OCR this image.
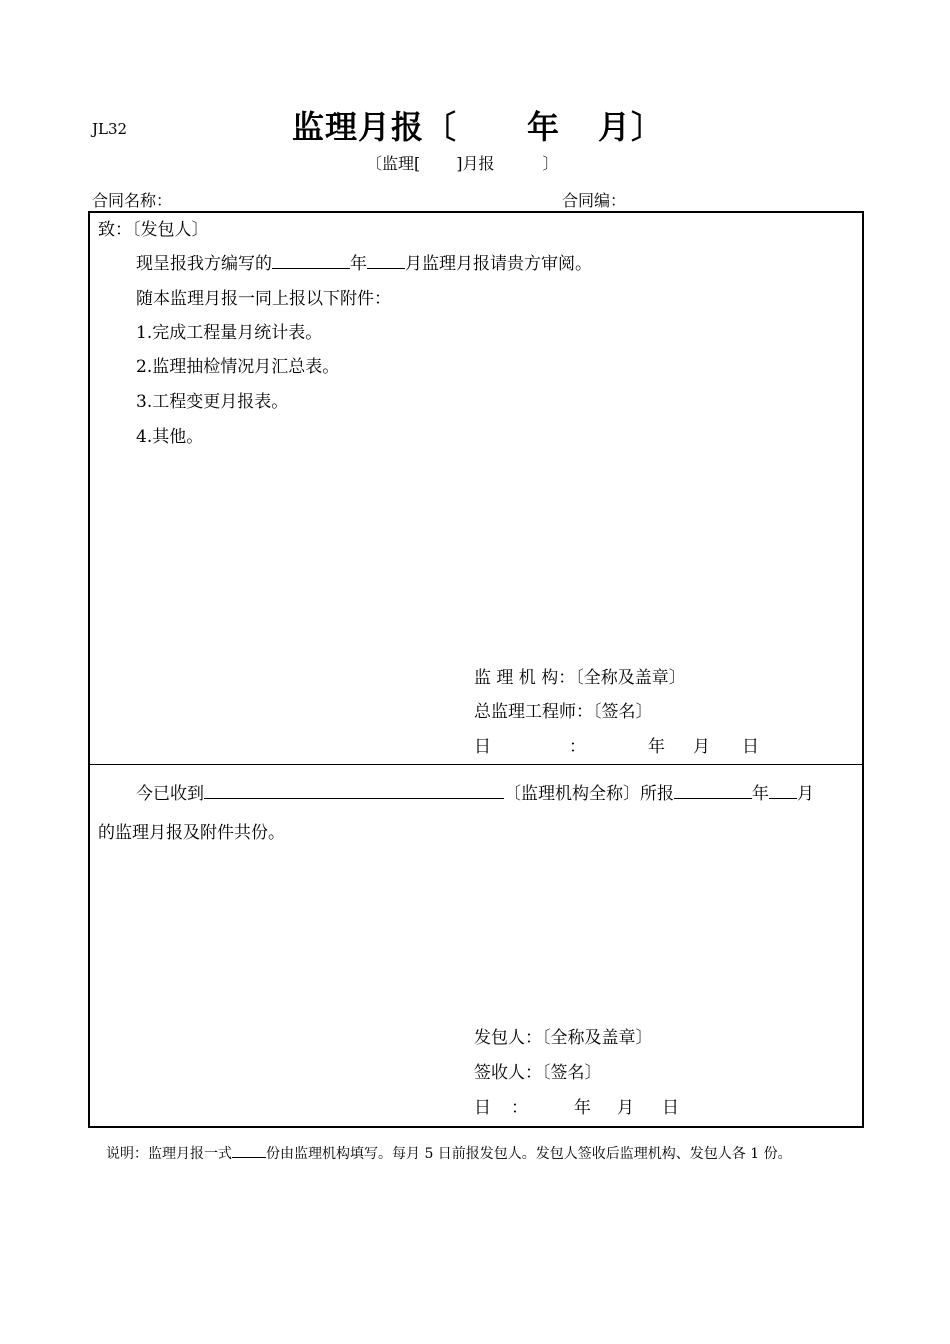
JL32	监理月报〔 年 月〕
〔监理[ ]月报	〕
合同名称：	合同编：
致：〔发包人〕
现呈报我方编写的	年 月监理月报请贵方审阅。
随本监理月报一同上报以下附件：
1.完成工程量月统计表。
2.监理抽检情况月汇总表。
3.工程变更月报表。
4.其他。
监 理 机 构：〔全称及盖章〕
总监理工程师：〔签名〕
日	：	年 月 日
今已收到	〔监理机构全称〕所报	年 月
的监理月报及附件共份。
发包人：〔全称及盖章〕
签收人：〔签名〕
日 ：	年 月 日
说明：监理月报一式 份由监理机构填写。每月 5 日前报发包人。发包人签收后监理机构、发包人各 1 份。
